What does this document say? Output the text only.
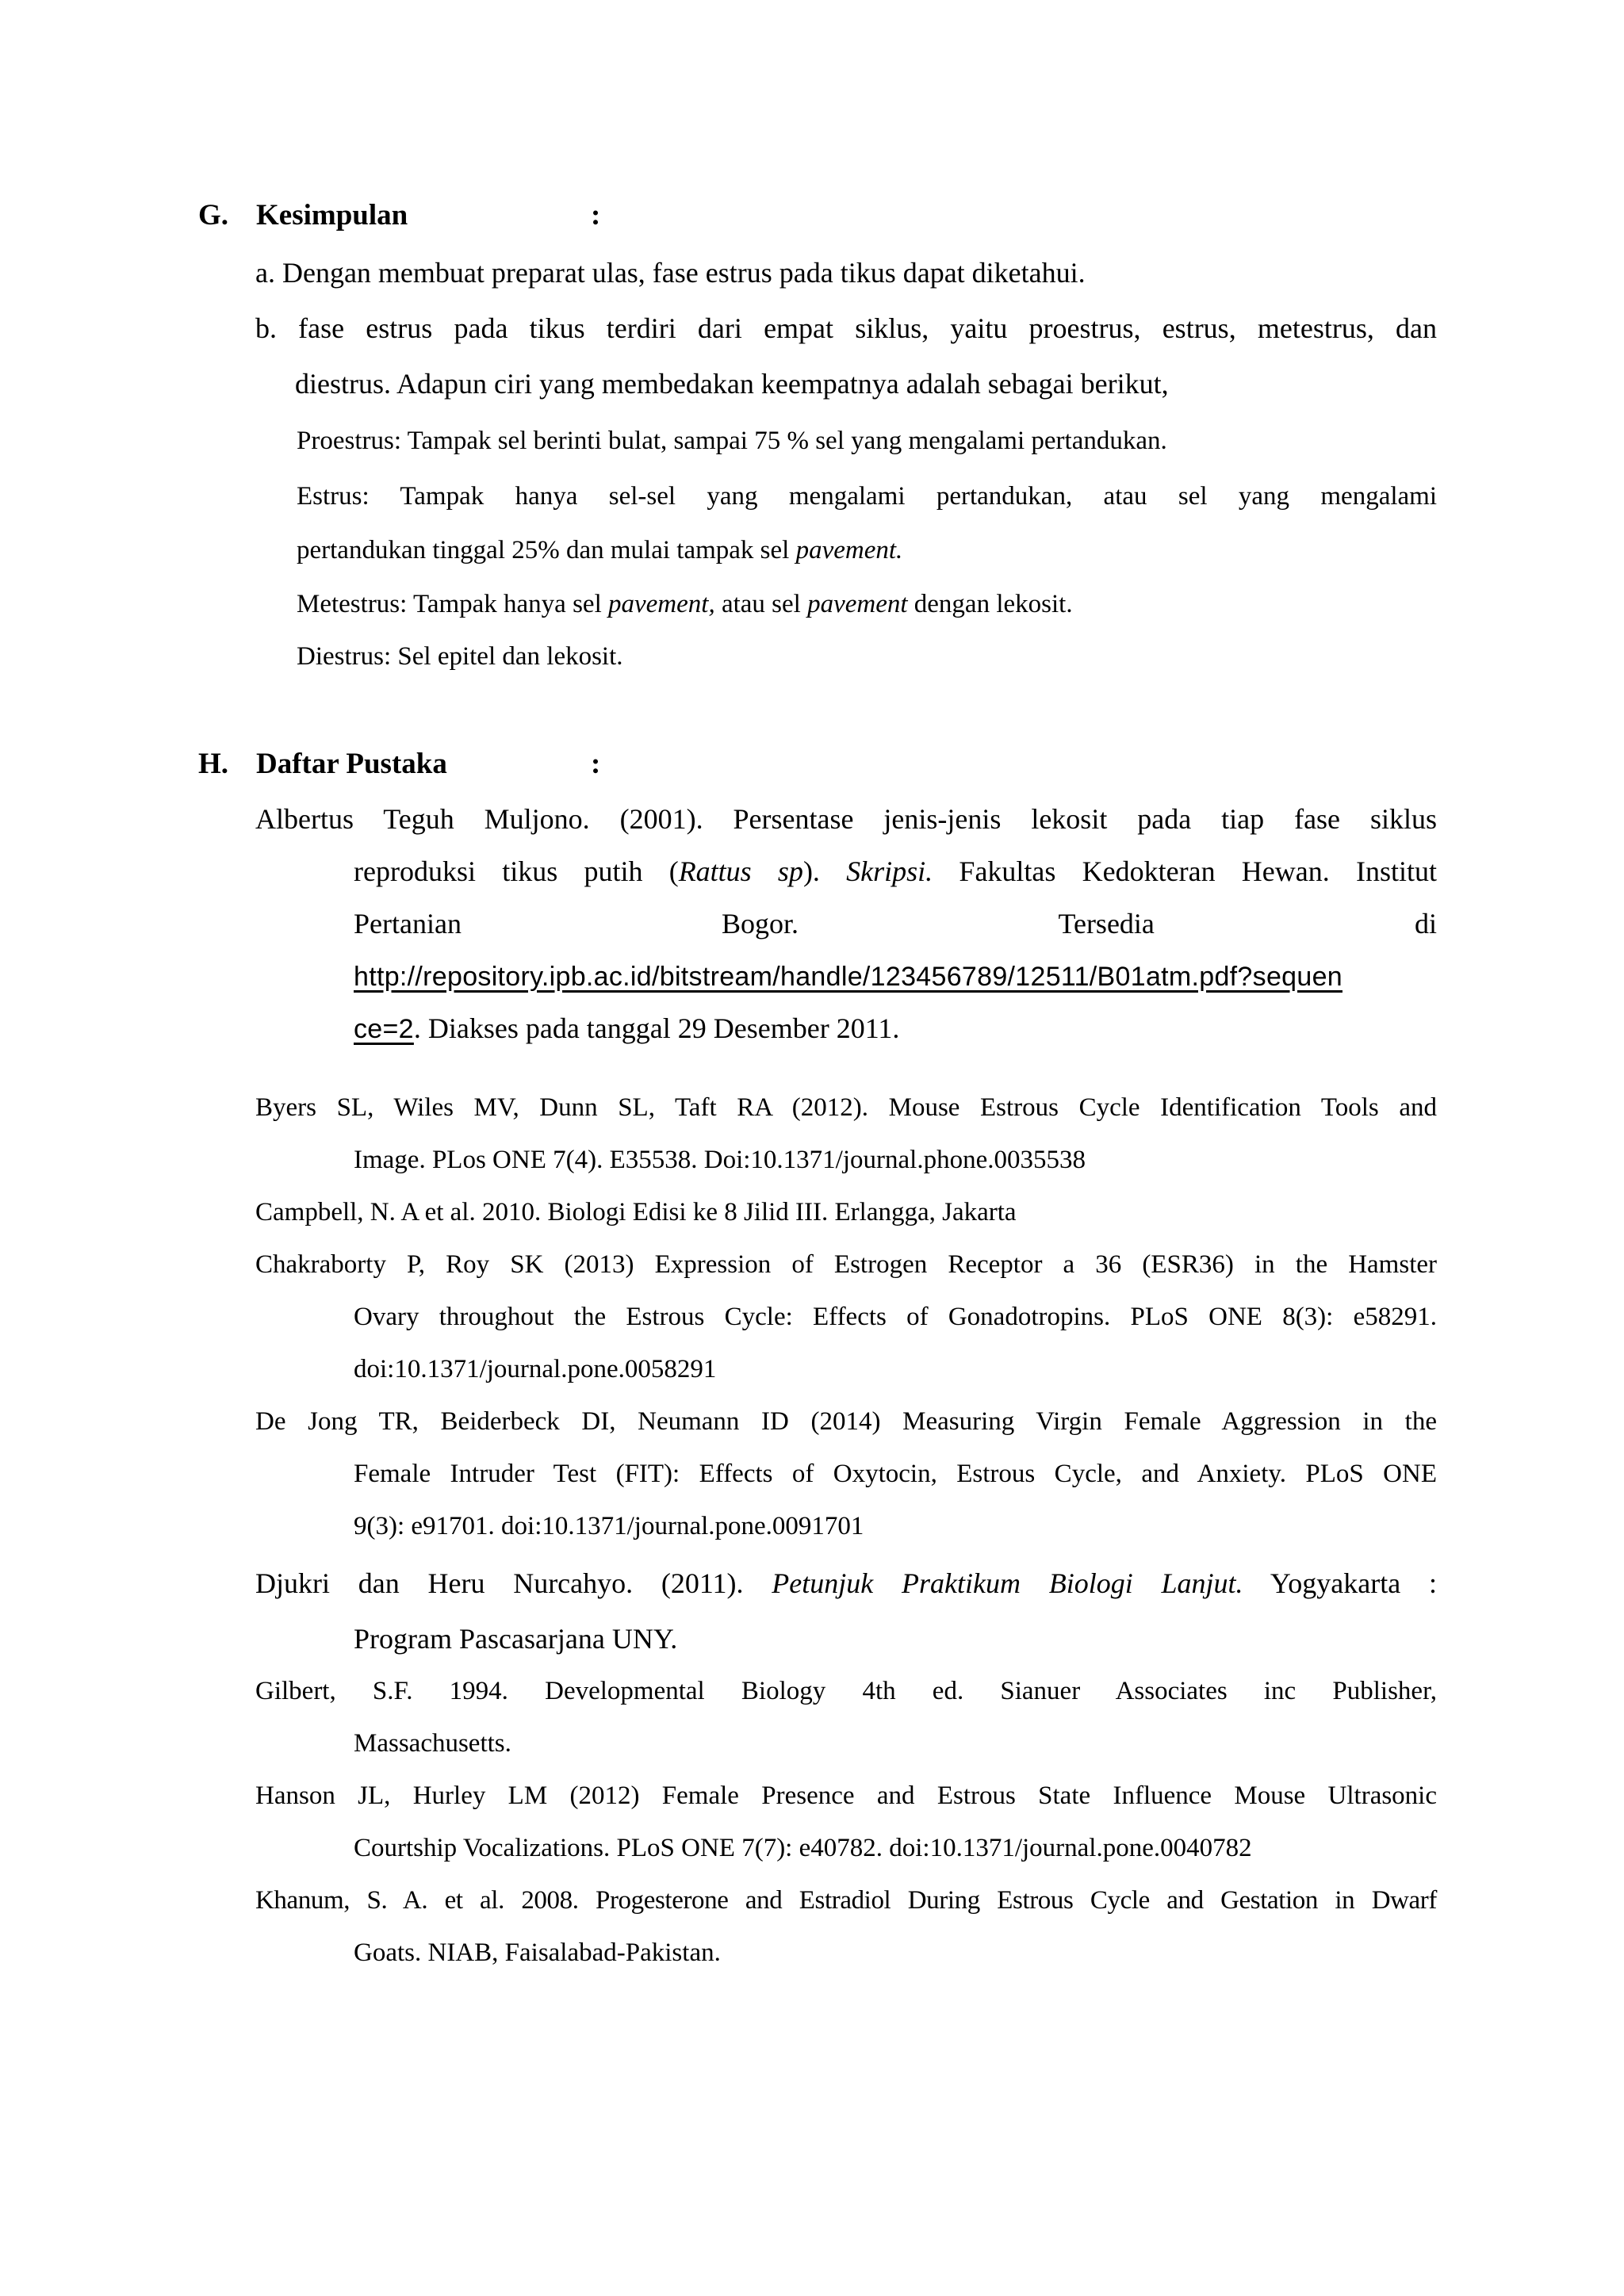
G. Kesimpulan	:
a. Dengan membuat preparat ulas, fase estrus pada tikus dapat diketahui.
b. fase estrus pada tikus terdiri dari empat siklus, yaitu proestrus, estrus, metestrus, dan
diestrus. Adapun ciri yang membedakan keempatnya adalah sebagai berikut,
Proestrus: Tampak sel berinti bulat, sampai 75 % sel yang mengalami pertandukan.
Estrus: Tampak hanya sel-sel yang mengalami pertandukan, atau sel yang mengalami
pertandukan tinggal 25% dan mulai tampak sel pavement.
Metestrus: Tampak hanya sel pavement, atau sel pavement dengan lekosit.
Diestrus: Sel epitel dan lekosit.
H. Daftar Pustaka	:
Albertus Teguh Muljono. (2001). Persentase jenis-jenis lekosit pada tiap fase siklus
reproduksi tikus putih (Rattus sp). Skripsi. Fakultas Kedokteran Hewan. Institut
Pertanian Bogor. Tersedia di
http://repository.ipb.ac.id/bitstream/handle/123456789/12511/B01atm.pdf?sequen
ce=2. Diakses pada tanggal 29 Desember 2011.
Byers SL, Wiles MV, Dunn SL, Taft RA (2012). Mouse Estrous Cycle Identification Tools and
Image. PLos ONE 7(4). E35538. Doi:10.1371/journal.phone.0035538
Campbell, N. A et al. 2010. Biologi Edisi ke 8 Jilid III. Erlangga, Jakarta
Chakraborty P, Roy SK (2013) Expression of Estrogen Receptor a 36 (ESR36) in the Hamster
Ovary throughout the Estrous Cycle: Effects of Gonadotropins. PLoS ONE 8(3): e58291.
doi:10.1371/journal.pone.0058291
De Jong TR, Beiderbeck DI, Neumann ID (2014) Measuring Virgin Female Aggression in the
Female Intruder Test (FIT): Effects of Oxytocin, Estrous Cycle, and Anxiety. PLoS ONE
9(3): e91701. doi:10.1371/journal.pone.0091701
Djukri dan Heru Nurcahyo. (2011). Petunjuk Praktikum Biologi Lanjut. Yogyakarta :
Program Pascasarjana UNY.
Gilbert, S.F. 1994. Developmental Biology 4th ed. Sianuer Associates inc Publisher,
Massachusetts.
Hanson JL, Hurley LM (2012) Female Presence and Estrous State Influence Mouse Ultrasonic
Courtship Vocalizations. PLoS ONE 7(7): e40782. doi:10.1371/journal.pone.0040782
Khanum, S. A. et al. 2008. Progesterone and Estradiol During Estrous Cycle and Gestation in Dwarf
Goats. NIAB, Faisalabad-Pakistan.
